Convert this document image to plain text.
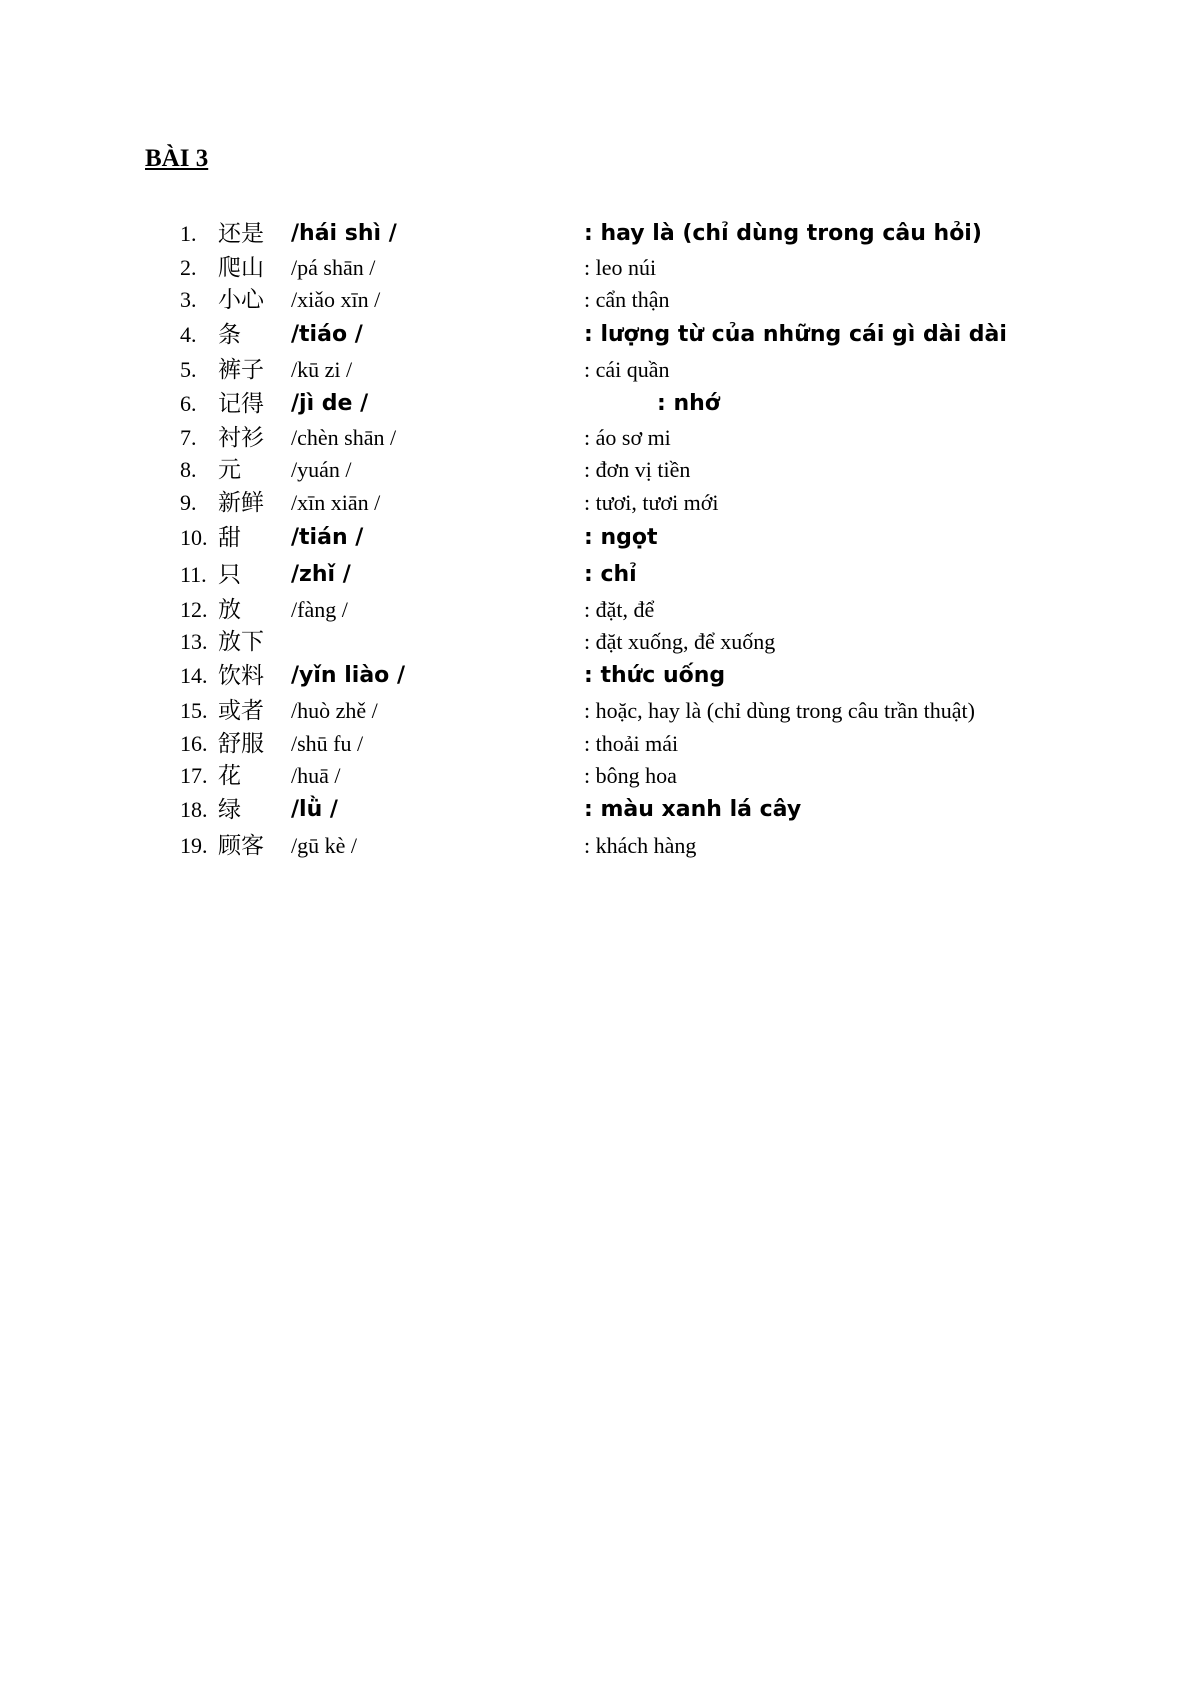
BÀI 3
1. 还是 /hái shì /	: hay là (chỉ dùng trong câu hỏi)
2. 爬山 /pá shān /	: leo núi
3. 小心 /xiǎo xīn /	: cẩn thận
4. 条 /tiáo /	: lượng từ của những cái gì dài dài
5. 裤子 /kū zi /	: cái quần
6. 记得 /jì de /	: nhớ
7. 衬衫 /chèn shān /	: áo sơ mi
8. 元 /yuán /	: đơn vị tiền
9. 新鲜 /xīn xiān /	: tươi, tươi mới
10. 甜 /tián /	: ngọt
11. 只 /zhǐ /	: chỉ
12. 放 /fàng /	: đặt, để
13. 放下	: đặt xuống, để xuống
14. 饮料 /yǐn liào /	: thức uống
15. 或者 /huò zhě /	: hoặc, hay là (chỉ dùng trong câu trần thuật)
16. 舒服 /shū fu /	: thoải mái
17. 花 /huā /	: bông hoa
18. 绿 /lǜ /	: màu xanh lá cây
19. 顾客 /gū kè /	: khách hàng
